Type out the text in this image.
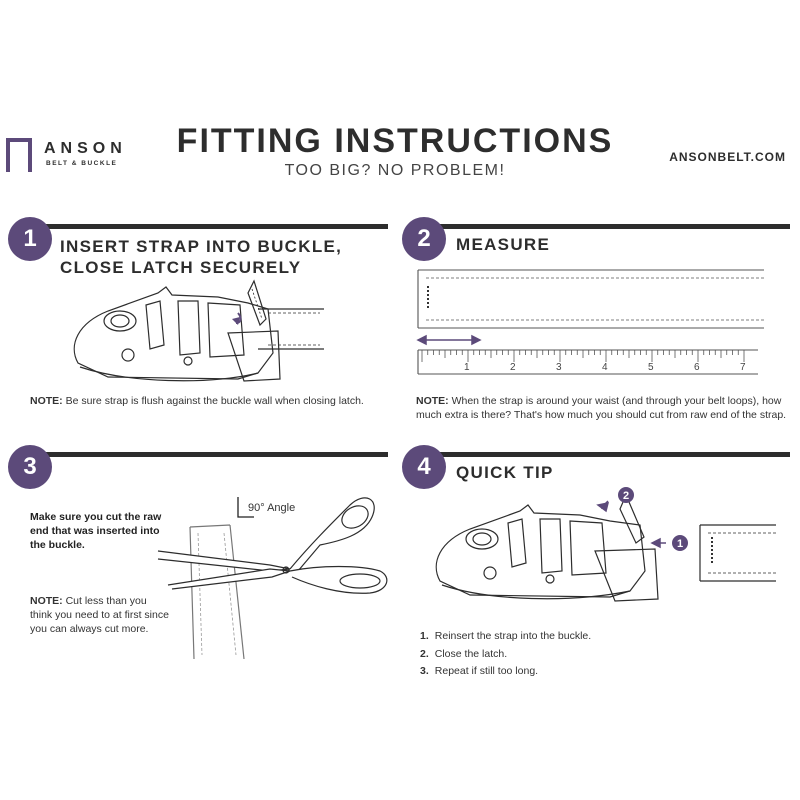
ANSON
BELT & BUCKLE
FITTING INSTRUCTIONS
TOO BIG? NO PROBLEM!
ANSONBELT.COM
1	INSERT STRAP INTO BUCKLE,
CLOSE LATCH SECURELY
NOTE: Be sure strap is flush against the buckle wall when closing latch.
2	MEASURE
1	2	3	4	5	6	7
NOTE: When the strap is around your waist (and through your belt loops), how much extra is there? That's how much you should cut from raw end of the strap.
3
Make sure you cut the raw end that was inserted into the buckle.
NOTE: Cut less than you think you need to at first since you can always cut more.
90° Angle
4	QUICK TIP
1
2
1. Reinsert the strap into the buckle.
2. Close the latch.
3. Repeat if still too long.
